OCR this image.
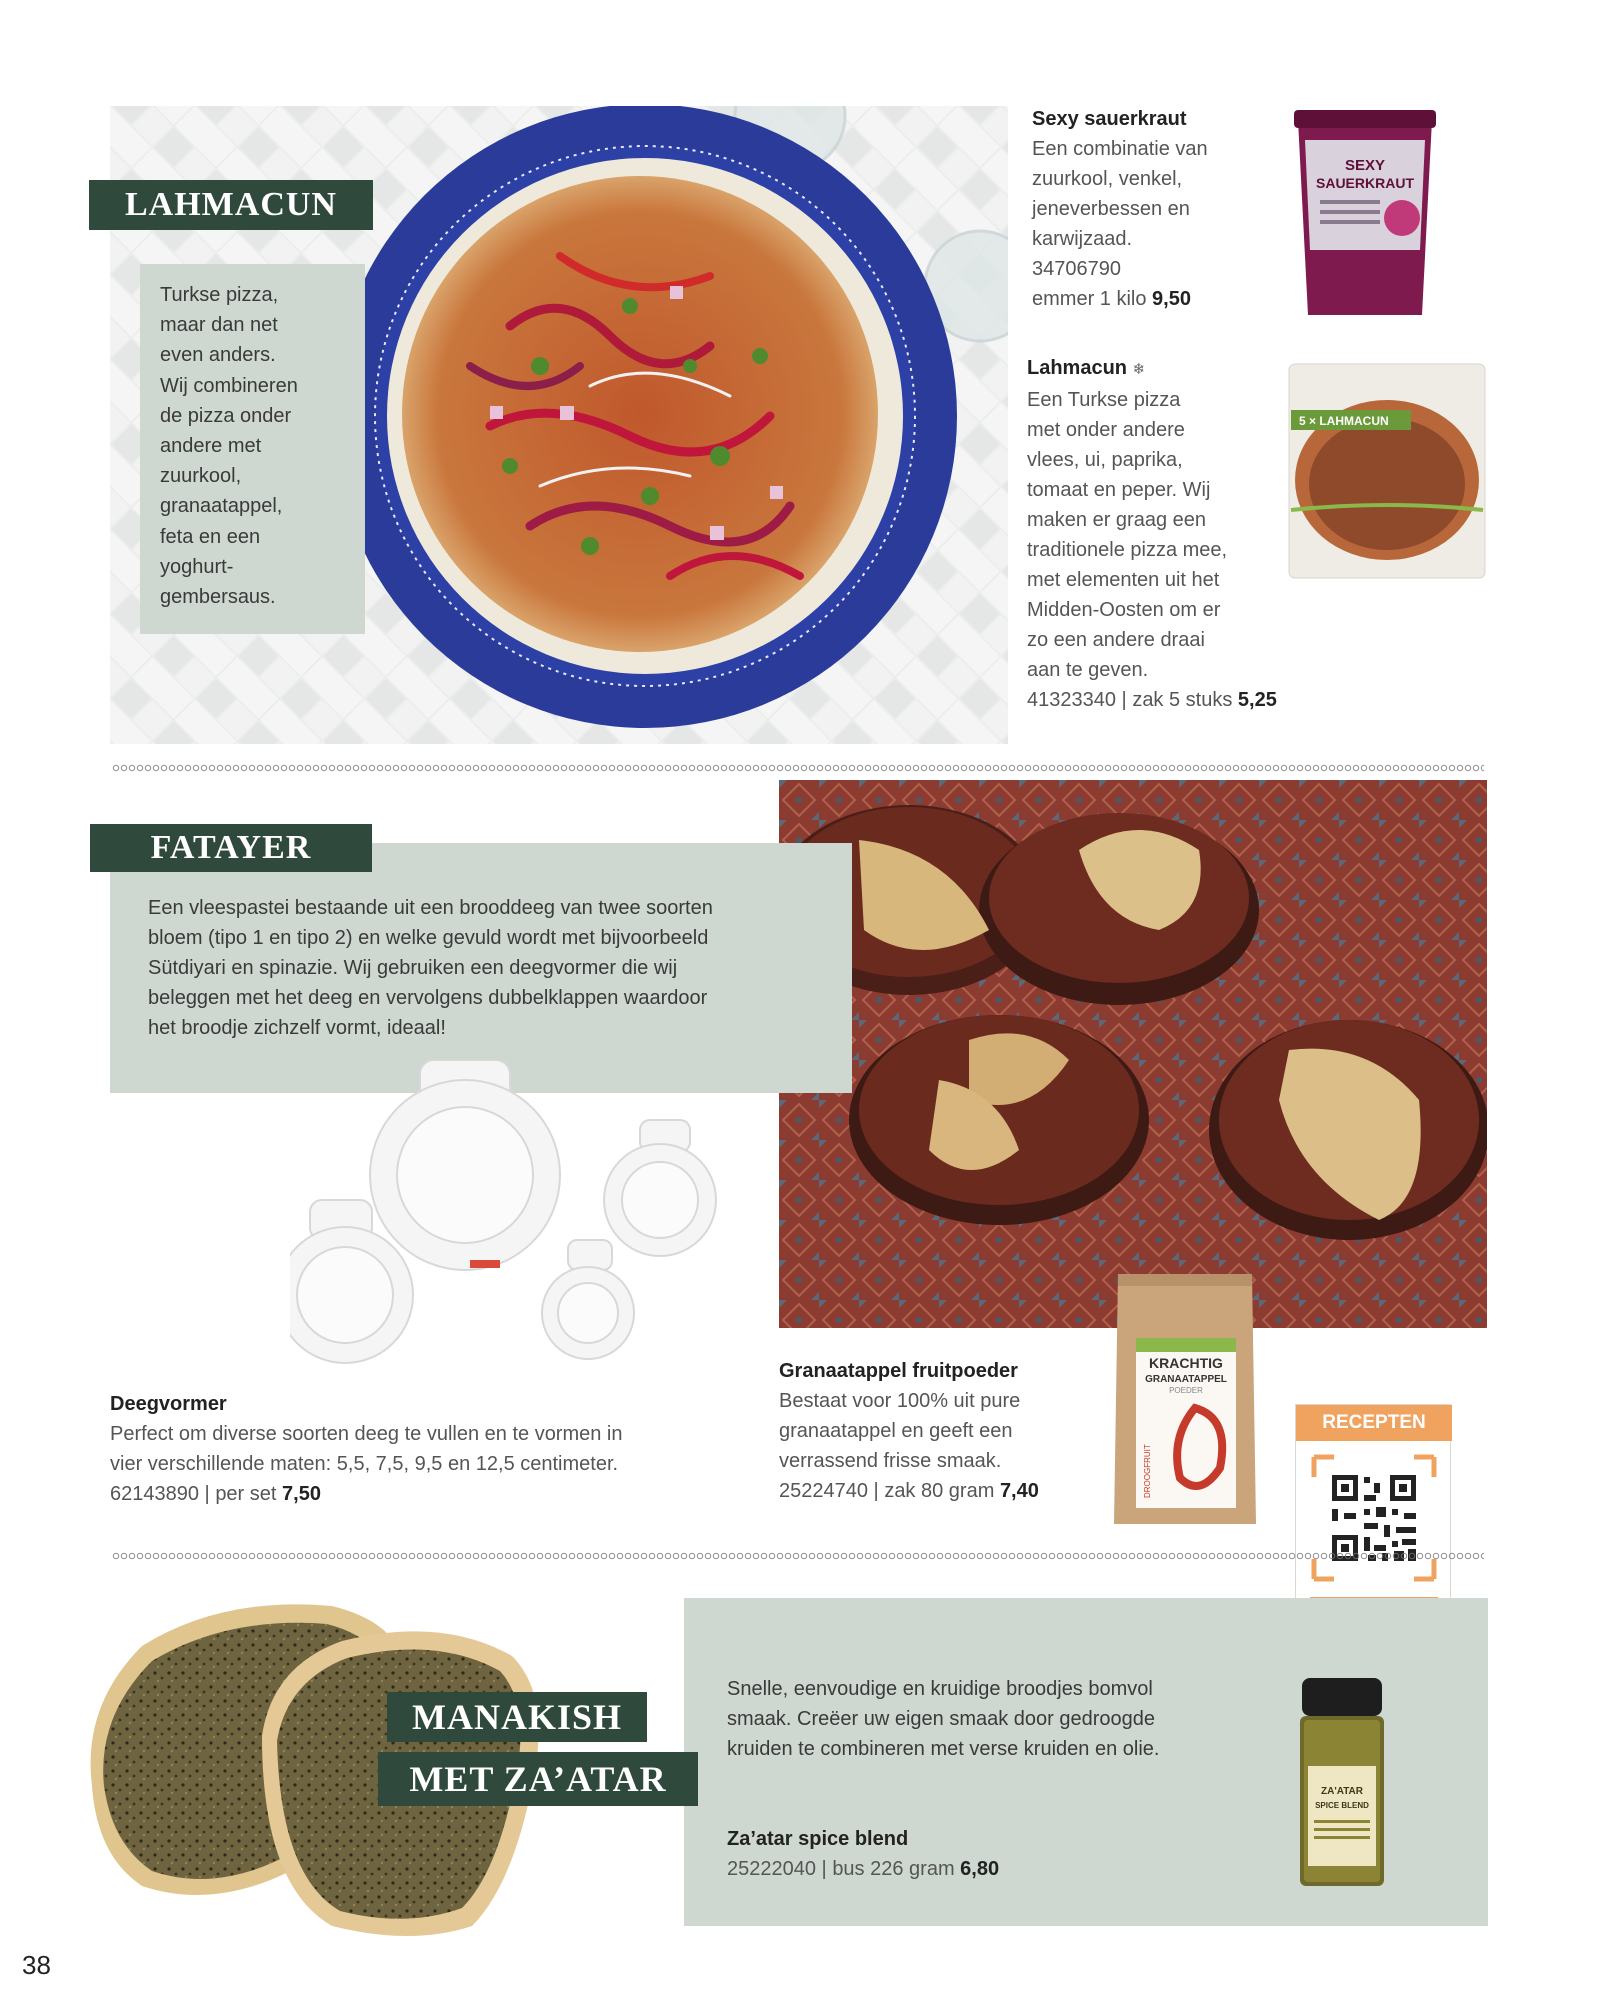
LAHMACUN
Turkse pizza,
maar dan net
even anders.
Wij combineren
de pizza onder
andere met
zuurkool,
granaatappel,
feta en een
yoghurt-
gembersaus.
Sexy sauerkraut
Een combinatie van
zuurkool, venkel,
jeneverbessen en
karwijzaad.
34706790
emmer 1 kilo 9,50
SEXY
SAUERKRAUT
Lahmacun ❄
Een Turkse pizza
met onder andere
vlees, ui, paprika,
tomaat en peper. Wij
maken er graag een
traditionele pizza mee,
met elementen uit het
Midden-Oosten om er
zo een andere draai
aan te geven.
41323340 | zak 5 stuks 5,25
5 × LAHMACUN
FATAYER
Een vleespastei bestaande uit een brooddeeg van twee soorten
bloem (tipo 1 en tipo 2) en welke gevuld wordt met bijvoorbeeld
Sütdiyari en spinazie. Wij gebruiken een deegvormer die wij
beleggen met het deeg en vervolgens dubbelklappen waardoor
het broodje zichzelf vormt, ideaal!
Deegvormer
Perfect om diverse soorten deeg te vullen en te vormen in
vier verschillende maten: 5,5, 7,5, 9,5 en 12,5 centimeter.
62143890 | per set 7,50
Granaatappel fruitpoeder
Bestaat voor 100% uit pure
granaatappel en geeft een
verrassend frisse smaak.
25224740 | zak 80 gram 7,40
KRACHTIG
GRANAATAPPEL
POEDER
DROOGFRUIT
RECEPTEN
MANAKISH
MET ZA’ATAR
Snelle, eenvoudige en kruidige broodjes bomvol
smaak. Creëer uw eigen smaak door gedroogde
kruiden te combineren met verse kruiden en olie.
Za’atar spice blend
25222040 | bus 226 gram 6,80
ZA'ATAR
SPICE BLEND
38
